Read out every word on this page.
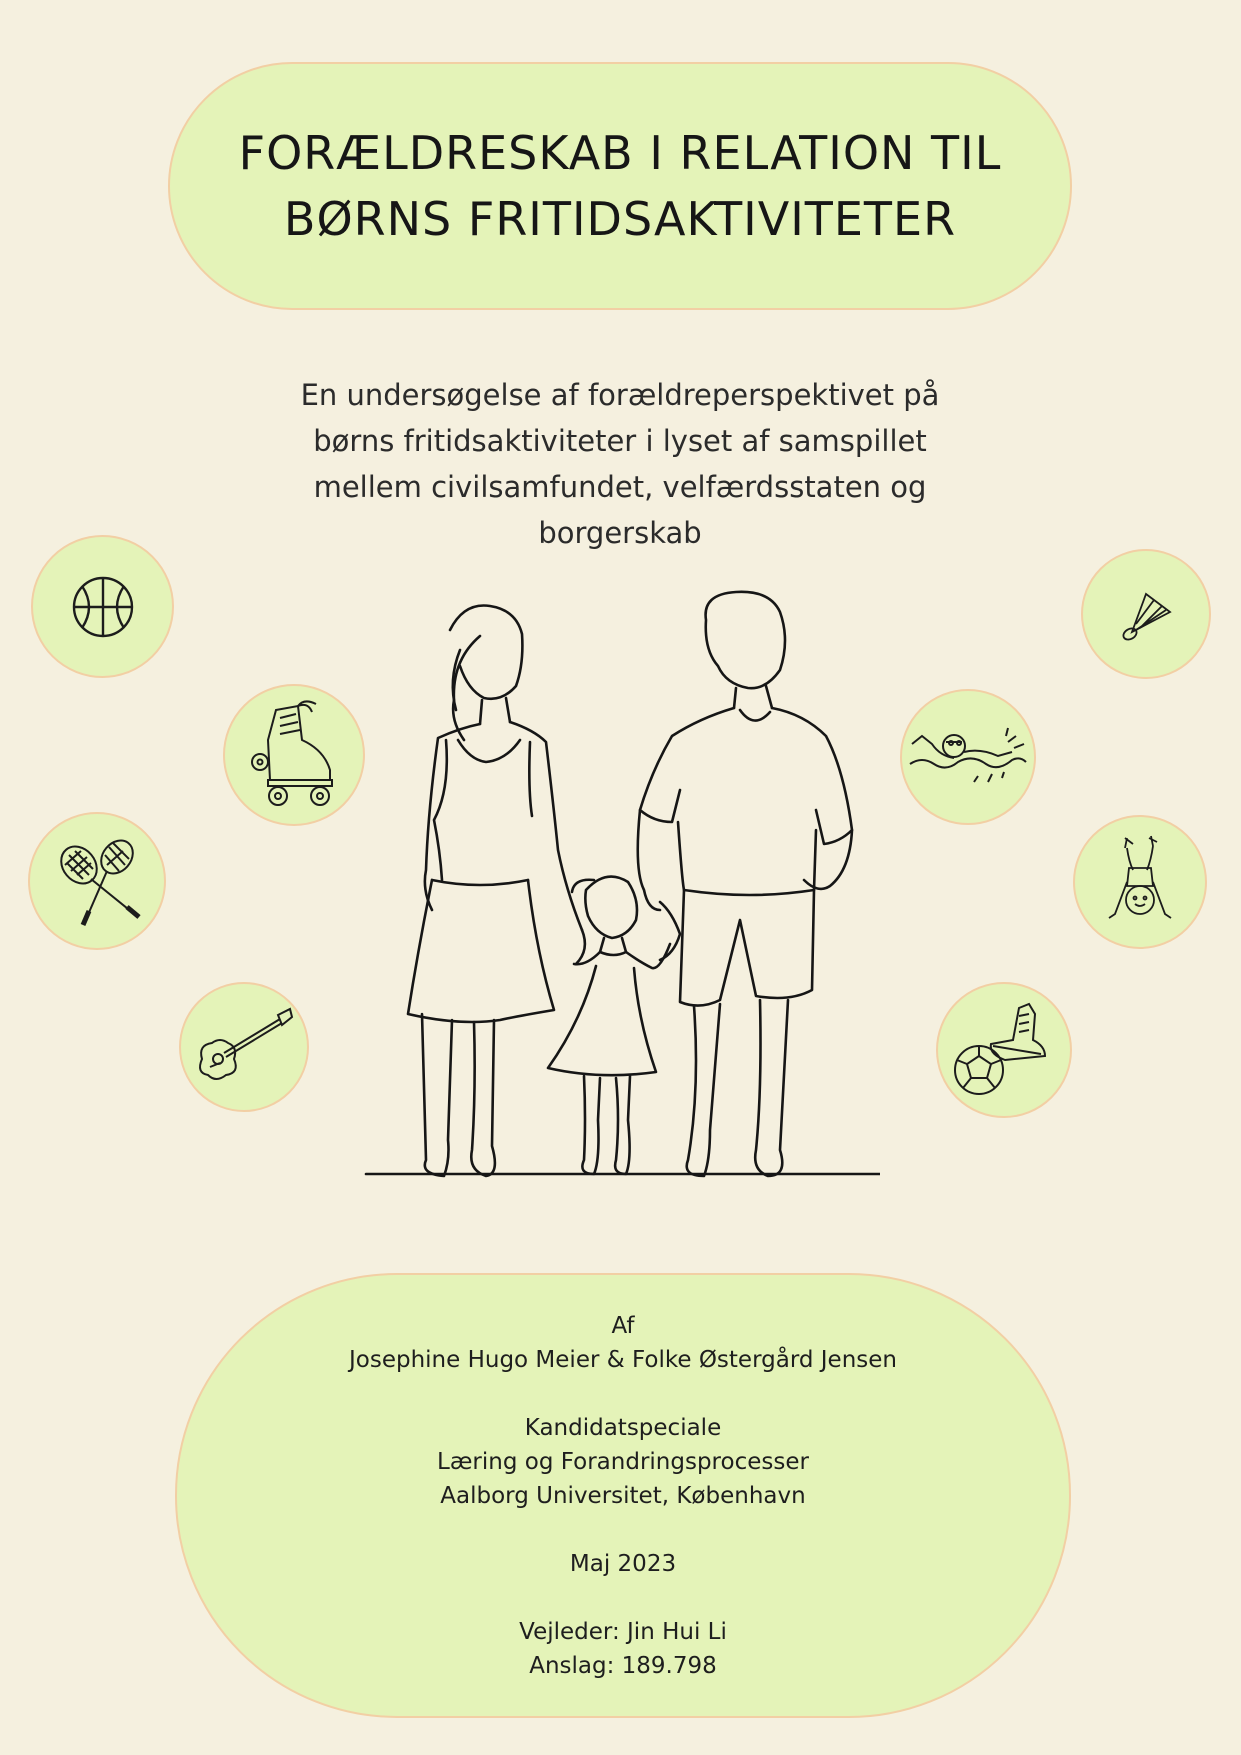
FORÆLDRESKAB I RELATION TIL
BØRNS FRITIDSAKTIVITETER
En undersøgelse af forældreperspektivet på
børns fritidsaktiviteter i lyset af samspillet
mellem civilsamfundet, velfærdsstaten og
borgerskab
Af
Josephine Hugo Meier & Folke Østergård Jensen
Kandidatspeciale
Læring og Forandringsprocesser
Aalborg Universitet, København
Maj 2023
Vejleder: Jin Hui Li
Anslag: 189.798
